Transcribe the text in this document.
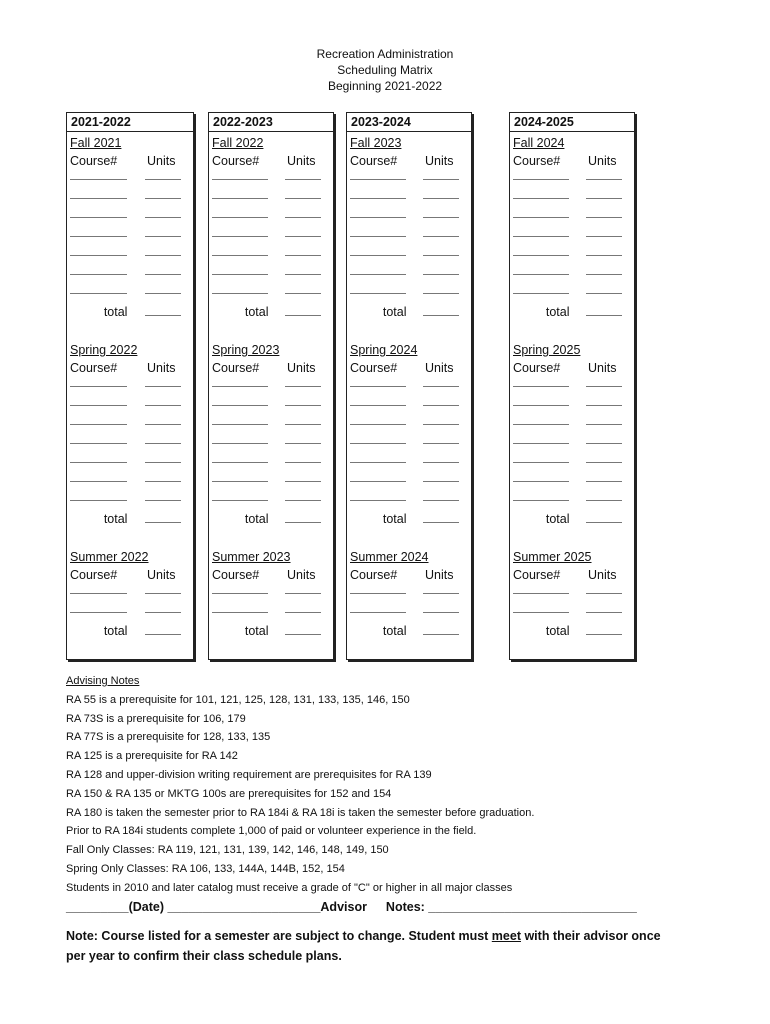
Recreation Administration
Scheduling Matrix
Beginning 2021-2022
2021-2022
Fall 2021
Course# Units
total
Spring 2022
Course# Units
total
Summer 2022
Course# Units
total
2022-2023
Fall 2022
Course# Units
total
Spring 2023
Course# Units
total
Summer 2023
Course# Units
total
2023-2024
Fall 2023
Course# Units
total
Spring 2024
Course# Units
total
Summer 2024
Course# Units
total
2024-2025
Fall 2024
Course# Units
total
Spring 2025
Course# Units
total
Summer 2025
Course# Units
total
Advising Notes
RA 55 is a prerequisite for 101, 121, 125, 128, 131, 133, 135, 146, 150
RA 73S is a prerequisite for 106, 179
RA 77S is a prerequisite for 128, 133, 135
RA 125 is a prerequisite for RA 142
RA 128 and upper-division writing requirement are prerequisites for RA 139
RA 150 & RA 135 or MKTG 100s are prerequisites for 152 and 154
RA 180 is taken the semester prior to RA 184i & RA 18i is taken the semester before graduation.
Prior to RA 184i students complete 1,000 of paid or volunteer experience in the field.
Fall Only Classes: RA 119, 121, 131, 139, 142, 146, 148, 149, 150
Spring Only Classes: RA 106, 133, 144A, 144B, 152, 154
Students in 2010 and later catalog must receive a grade of "C" or higher in all major classes
_________(Date) ______________________Advisor Notes: ______________________________
Note: Course listed for a semester are subject to change. Student must meet with their advisor once per year to confirm their class schedule plans.
